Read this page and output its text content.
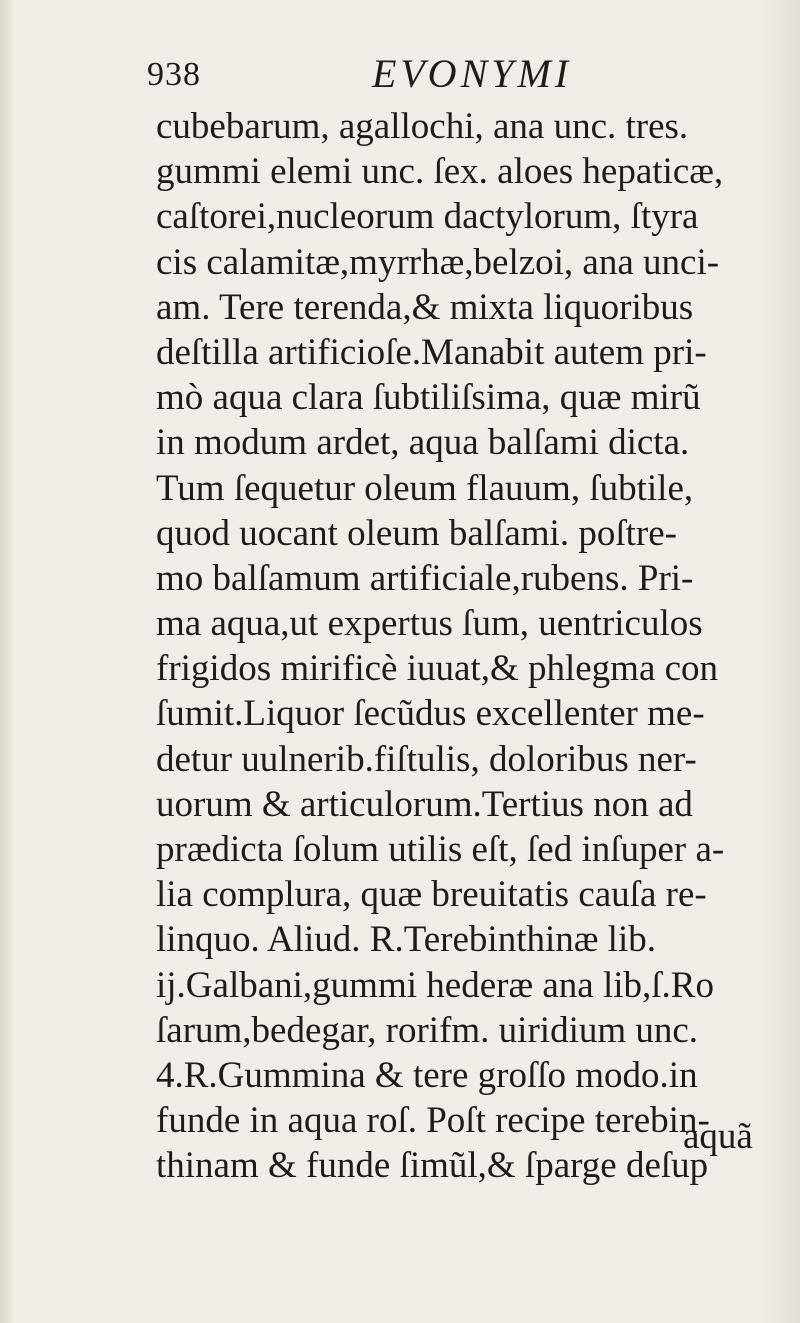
938	EVONYMI
cubebarum, agallochi, ana unc. tres.
gummi elemi unc. ſex. aloes hepaticæ,
caſtorei,nucleorum dactylorum, ſtyra
cis calamitæ,myrrhæ,belzoi, ana unci-
am. Tere terenda,& mixta liquoribus
deſtilla artificioſe.Manabit autem pri-
mò aqua clara ſubtiliſsima, quæ mirũ
in modum ardet, aqua balſami dicta.
Tum ſequetur oleum flauum, ſubtile,
quod uocant oleum balſami. poſtre-
mo balſamum artificiale,rubens. Pri-
ma aqua,ut expertus ſum, uentriculos
frigidos mirificè iuuat,& phlegma con
ſumit.Liquor ſecũdus excellenter me-
detur uulnerib.fiſtulis, doloribus ner-
uorum & articulorum.Tertius non ad
prædicta ſolum utilis eſt, ſed inſuper a-
lia complura, quæ breuitatis cauſa re-
linquo. Aliud. R.Terebinthinæ lib.
ij.Galbani,gummi hederæ ana lib,ſ.Ro
ſarum,bedegar, rorifm. uiridium unc.
4.R.Gummina & tere groſſo modo.in
funde in aqua roſ. Poſt recipe terebin-
thinam & funde ſimũl,& ſparge deſup
aquã
